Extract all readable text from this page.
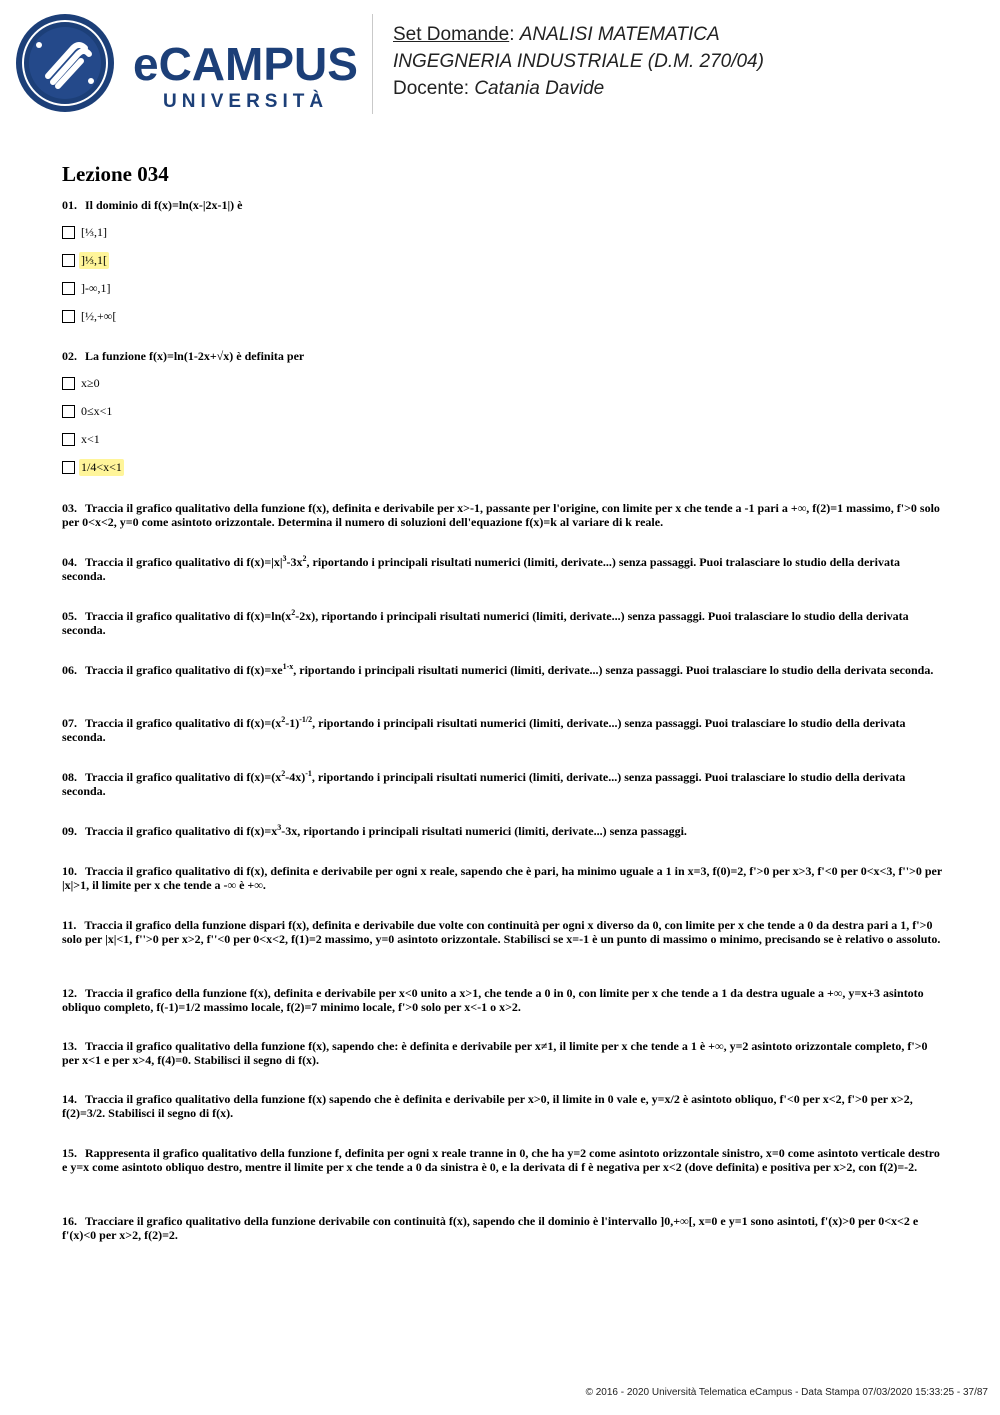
eCAMPUS
UNIVERSITÀ
Set Domande: ANALISI MATEMATICA
INGEGNERIA INDUSTRIALE (D.M. 270/04)
Docente: Catania Davide
Lezione 034
01. Il dominio di f(x)=ln(x-|2x-1|) è
[⅓,1]
]⅓,1[
]-∞,1]
[½,+∞[
02. La funzione f(x)=ln(1-2x+√x) è definita per
x≥0
0≤x<1
x<1
1/4<x<1
03. Traccia il grafico qualitativo della funzione f(x), definita e derivabile per x>-1, passante per l'origine, con limite per x che tende a -1 pari a +∞, f(2)=1 massimo, f'>0 solo per 0<x<2, y=0 come asintoto orizzontale. Determina il numero di soluzioni dell'equazione f(x)=k al variare di k reale.
04. Traccia il grafico qualitativo di $f(x)=|x|^3-3x^2$, riportando i principali risultati numerici (limiti, derivate...) senza passaggi. Puoi tralasciare lo studio della derivata seconda.
05. Traccia il grafico qualitativo di $f(x)=\ln(x^2-2x)$, riportando i principali risultati numerici (limiti, derivate...) senza passaggi. Puoi tralasciare lo studio della derivata seconda.
06. Traccia il grafico qualitativo di $f(x)=xe^{1-x}$, riportando i principali risultati numerici (limiti, derivate...) senza passaggi. Puoi tralasciare lo studio della derivata seconda.
07. Traccia il grafico qualitativo di $f(x)=(x^2-1)^{-1/2}$, riportando i principali risultati numerici (limiti, derivate...) senza passaggi. Puoi tralasciare lo studio della derivata seconda.
08. Traccia il grafico qualitativo di $f(x)=(x^2-4x)^{-1}$, riportando i principali risultati numerici (limiti, derivate...) senza passaggi. Puoi tralasciare lo studio della derivata seconda.
09. Traccia il grafico qualitativo di $f(x)=x^3-3x$, riportando i principali risultati numerici (limiti, derivate...) senza passaggi.
10. Traccia il grafico qualitativo di f(x), definita e derivabile per ogni x reale, sapendo che è pari, ha minimo uguale a 1 in x=3, f(0)=2, f'>0 per x>3, f'<0 per 0<x<3, f''>0 per |x|>1, il limite per x che tende a -∞ è +∞.
11. Traccia il grafico della funzione dispari f(x), definita e derivabile due volte con continuità per ogni x diverso da 0, con limite per x che tende a 0 da destra pari a 1, f'>0 solo per |x|<1, f''>0 per x>2, f''<0 per 0<x<2, f(1)=2 massimo, y=0 asintoto orizzontale. Stabilisci se x=-1 è un punto di massimo o minimo, precisando se è relativo o assoluto.
12. Traccia il grafico della funzione f(x), definita e derivabile per x<0 unito a x>1, che tende a 0 in 0, con limite per x che tende a 1 da destra uguale a +∞, y=x+3 asintoto obliquo completo, f(-1)=1/2 massimo locale, f(2)=7 minimo locale, f'>0 solo per x<-1 o x>2.
13. Traccia il grafico qualitativo della funzione f(x), sapendo che: è definita e derivabile per x≠1, il limite per x che tende a 1 è +∞, y=2 asintoto orizzontale completo, f'>0 per x<1 e per x>4, f(4)=0. Stabilisci il segno di f(x).
14. Traccia il grafico qualitativo della funzione f(x) sapendo che è definita e derivabile per x>0, il limite in 0 vale e, y=x/2 è asintoto obliquo, f'<0 per x<2, f'>0 per x>2, f(2)=3/2. Stabilisci il segno di f(x).
15. Rappresenta il grafico qualitativo della funzione f, definita per ogni x reale tranne in 0, che ha y=2 come asintoto orizzontale sinistro, x=0 come asintoto verticale destro e y=x come asintoto obliquo destro, mentre il limite per x che tende a 0 da sinistra è 0, e la derivata di f è negativa per x<2 (dove definita) e positiva per x>2, con f(2)=-2.
16. Tracciare il grafico qualitativo della funzione derivabile con continuità f(x), sapendo che il dominio è l'intervallo ]0,+∞[, x=0 e y=1 sono asintoti, f'(x)>0 per 0<x<2 e f'(x)<0 per x>2, f(2)=2.
© 2016 - 2020 Università Telematica eCampus - Data Stampa 07/03/2020 15:33:25 - 37/87
